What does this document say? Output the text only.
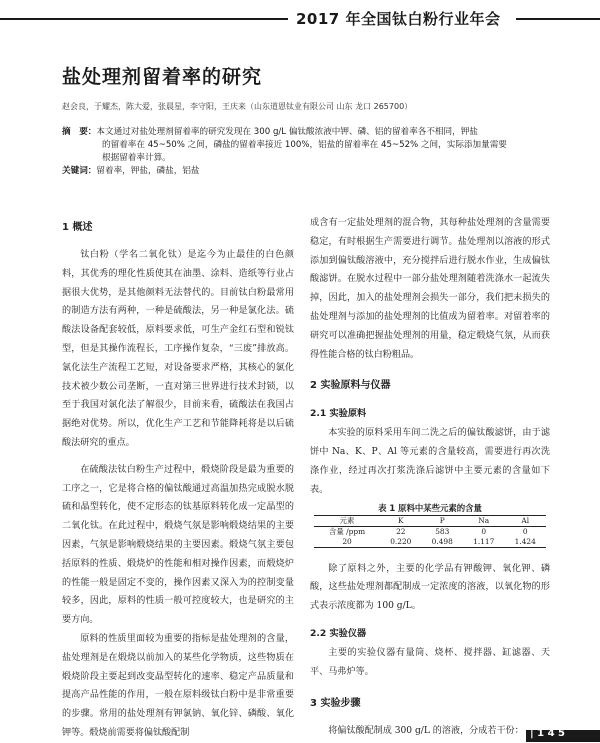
2017 年全国钛白粉行业年会
盐处理剂留着率的研究
赵会良，于耀杰，陈大爱，张晨星，李守阳，王庆来（山东道恩钛业有限公司 山东 龙口 265700）

摘　要：本文通过对盐处理剂留着率的研究发现在 300 g/L 偏钛酸浓液中钾、磷、铝的留着率各不相同，钾盐

的留着率在 45~50% 之间，磷盐的留着率接近 100%，铝盐的留着率在 45~52% 之间，实际添加量需要

根据留着率计算。

关键词：留着率，钾盐，磷盐，铝盐

1 概述

钛白粉（学名二氧化钛）是迄今为止最佳的白色颜料，其优秀的理化性质使其在油墨、涂料、造纸等行业占据很大优势，是其他颜料无法替代的。目前钛白粉最常用的制造方法有两种，一种是硫酸法，另一种是氯化法。硫酸法设备配套较低，原料要求低，可生产金红石型和锐钛型，但是其操作流程长，工序操作复杂，“三废”排放高。氯化法生产流程工艺短，对设备要求严格，其核心的氯化技术被少数公司垄断，一直对第三世界进行技术封锁，以至于我国对氯化法了解很少，目前来看，硫酸法在我国占据绝对优势。所以，优化生产工艺和节能降耗将是以后硫酸法研究的重点。

在硫酸法钛白粉生产过程中，煅烧阶段是最为重要的工序之一，它是将合格的偏钛酸通过高温加热完成脱水脱硫和晶型转化，使不定形态的钛基原料转化成一定晶型的二氧化钛。在此过程中，煅烧气氛是影响煅烧结果的主要因素，气氛是影响煅烧结果的主要因素。煅烧气氛主要包括原料的性质、煅烧炉的性能和相对操作因素，而煅烧炉的性能一般是固定不变的，操作因素又深入为的控制变量较多，因此，原料的性质一般可控度较大，也是研究的主要方向。

原料的性质里面较为重要的指标是盐处理剂的含量，盐处理剂是在煅烧以前加入的某些化学物质，这些物质在煅烧阶段主要起到改变晶型转化的速率、稳定产品质量和提高产品性能的作用，一般在原料级钛白粉中是非常重要的步骤。常用的盐处理剂有钾氯钠、氧化锌、磷酸、氧化钾等。煅烧前需要将偏钛酸配制

成含有一定盐处理剂的混合物，其每种盐处理剂的含量需要稳定，有时根据生产需要进行调节。盐处理剂以溶液的形式添加到偏钛酸溶液中，充分搅拌后进行脱水作业，生成偏钛酸滤饼。在脱水过程中一部分盐处理剂随着洗涤水一起流失掉，因此，加入的盐处理剂会损失一部分，我们把未损失的盐处理剂与添加的盐处理剂的比值成为留着率。对留着率的研究可以准确把握盐处理剂的用量，稳定煅烧气氛，从而获得性能合格的钛白粉粗品。

2 实验原料与仪器
2.1 实验原料

本实验的原料采用车间二洗之后的偏钛酸滤饼，由于滤饼中 Na、K、P、Al 等元素的含量较高，需要进行再次洗涤作业，经过再次打浆洗涤后滤饼中主要元素的含量如下表。

表 1 原料中某些元素的含量
元素	K	P	Na	Al
含量 /ppm	22	583	0	0
20	0.220	0.498	1.117	1.424

除了原料之外，主要的化学品有钾酸钾、氧化钾、磷酸，这些盐处理剂都配制成一定浓度的溶液，以氧化物的形式表示浓度都为 100 g/L。

2.2 实验仪器

主要的实验仪器有量筒、烧杯、搅拌器、缸滤器、天平、马弗炉等。

3 实验步骤

将偏钛酸配制成 300 g/L 的溶液，分成若干份： | 1 4 5
